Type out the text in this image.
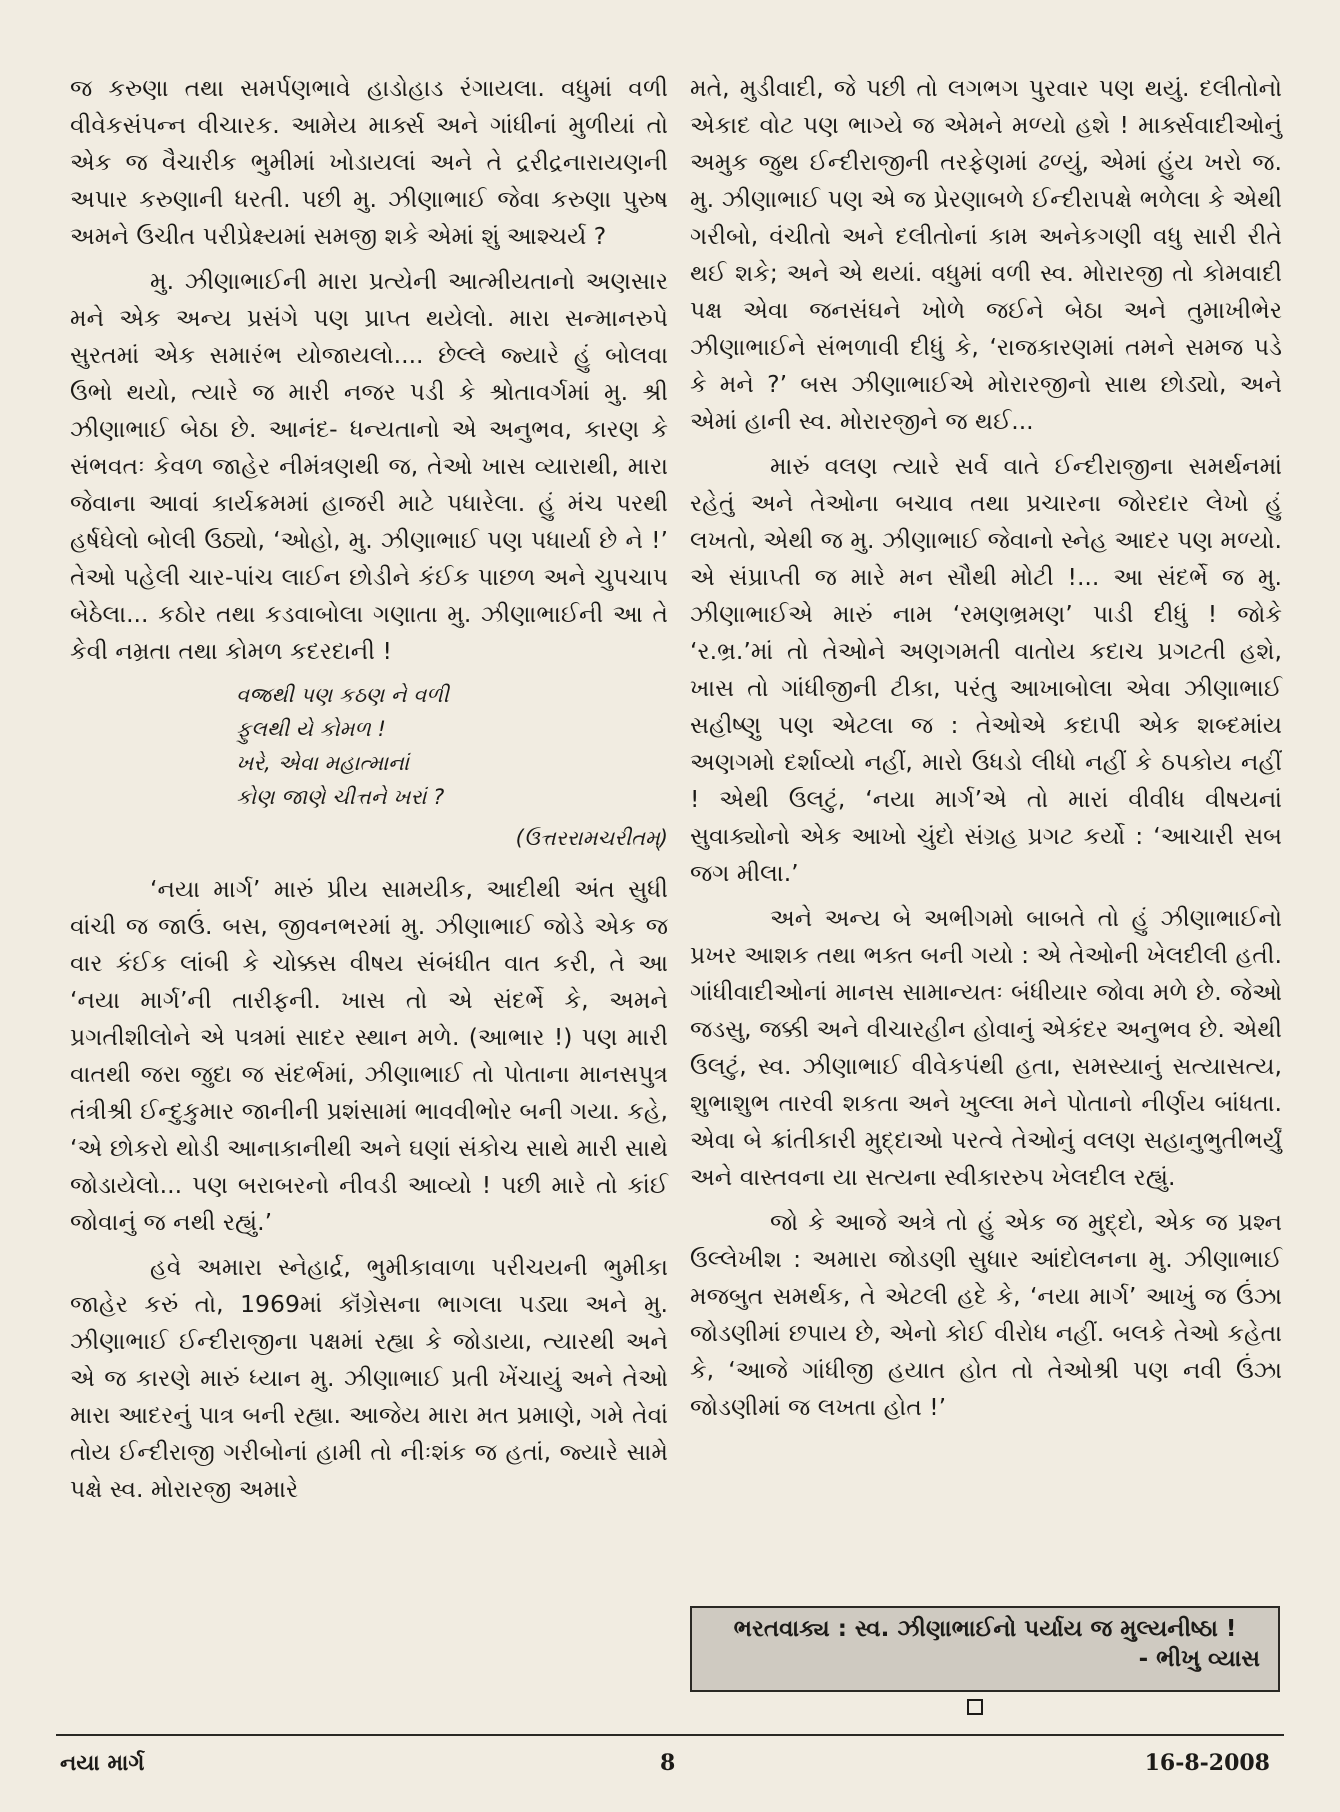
જ કરુણા તથા સમર્પણભાવે હાડોહાડ રંગાયલા. વધુમાં વળી વીવેકસંપન્ન વીચારક. આમેય માર્ક્સ અને ગાંધીનાં મુળીયાં તો એક જ વૈચારીક ભુમીમાં ખોડાયલાં અને તે દ્રરીદ્રનારાયણની અપાર કરુણાની ધરતી. પછી મુ. ઝીણાભાઈ જેવા કરુણા પુરુષ અમને ઉચીત પરીપ્રેક્ષ્યમાં સમજી શકે એમાં શું આશ્ચર્ય ?

મુ. ઝીણાભાઈની મારા પ્રત્યેની આત્મીયતાનો અણસાર મને એક અન્ય પ્રસંગે પણ પ્રાપ્ત થયેલો. મારા સન્માનરુપે સુરતમાં એક સમારંભ યોજાયલો.... છેલ્લે જ્યારે હું બોલવા ઉભો થયો, ત્યારે જ મારી નજર પડી કે શ્રોતાવર્ગમાં મુ. શ્રી ઝીણાભાઈ બેઠા છે. આનંદ- ધન્યતાનો એ અનુભવ, કારણ કે સંભવતઃ કેવળ જાહેર નીમંત્રણથી જ, તેઓ ખાસ વ્યારાથી, મારા જેવાના આવાં કાર્યક્રમમાં હાજરી માટે પધારેલા. હું મંચ પરથી હર્ષઘેલો બોલી ઉઠ્યો, ‘ઓહો, મુ. ઝીણાભાઈ પણ પધાર્યા છે ને !’ તેઓ પહેલી ચાર-પાંચ લાઈન છોડીને કંઈક પાછળ અને ચુપચાપ બેઠેલા... કઠોર તથા કડવાબોલા ગણાતા મુ. ઝીણાભાઈની આ તે કેવી નમ્રતા તથા કોમળ કદરદાની !

વજ્રથી પણ કઠણ ને વળી
ફુલથી યે કોમળ !
ખરે, એવા મહાત્માનાં
કોણ જાણે ચીત્તને ખરાં ?
(ઉત્તરરામચરીતમ્)

‘નયા માર્ગ’ મારું પ્રીય સામયીક, આદીથી અંત સુધી વાંચી જ જાઉં. બસ, જીવનભરમાં મુ. ઝીણાભાઈ જોડે એક જ વાર કંઈક લાંબી કે ચોક્કસ વીષય સંબંધીત વાત કરી, તે આ ‘નયા માર્ગ’ની તારીફની. ખાસ તો એ સંદર્ભે કે, અમને પ્રગતીશીલોને એ પત્રમાં સાદર સ્થાન મળે. (આભાર !) પણ મારી વાતથી જરા જુદા જ સંદર્ભમાં, ઝીણાભાઈ તો પોતાના માનસપુત્ર તંત્રીશ્રી ઈન્દુકુમાર જાનીની પ્રશંસામાં ભાવવીભોર બની ગયા. કહે, ‘એ છોકરો થોડી આનાકાનીથી અને ઘણાં સંકોચ સાથે મારી સાથે જોડાયેલો... પણ બરાબરનો નીવડી આવ્યો ! પછી મારે તો કાંઈ જોવાનું જ નથી રહ્યું.’

હવે અમારા સ્નેહાર્દ્ર, ભુમીકાવાળા પરીચયની ભુમીકા જાહેર કરું તો, 1969માં કૉંગ્રેસના ભાગલા પડ્યા અને મુ. ઝીણાભાઈ ઈન્દીરાજીના પક્ષમાં રહ્યા કે જોડાયા, ત્યારથી અને એ જ કારણે મારું ધ્યાન મુ. ઝીણાભાઈ પ્રતી ખેંચાયું અને તેઓ મારા આદરનું પાત્ર બની રહ્યા. આજેય મારા મત પ્રમાણે, ગમે તેવાં તોય ઈન્દીરાજી ગરીબોનાં હામી તો નીઃશંક જ હતાં, જ્યારે સામે પક્ષે સ્વ. મોરારજી અમારે

મતે, મુડીવાદી, જે પછી તો લગભગ પુરવાર પણ થયું. દલીતોનો એકાદ વોટ પણ ભાગ્યે જ એમને મળ્યો હશે ! માર્ક્સવાદીઓનું અમુક જુથ ઈન્દીરાજીની તરફેણમાં ઢળ્યું, એમાં હુંય ખરો જ. મુ. ઝીણાભાઈ પણ એ જ પ્રેરણાબળે ઈન્દીરાપક્ષે ભળેલા કે એથી ગરીબો, વંચીતો અને દલીતોનાં કામ અનેકગણી વધુ સારી રીતે થઈ શકે; અને એ થયાં. વધુમાં વળી સ્વ. મોરારજી તો કોમવાદી પક્ષ એવા જનસંઘને ખોળે જઈને બેઠા અને તુમાખીભેર ઝીણાભાઈને સંભળાવી દીધું કે, ‘રાજકારણમાં તમને સમજ પડે કે મને ?’ બસ ઝીણાભાઈએ મોરારજીનો સાથ છોડ્યો, અને એમાં હાની સ્વ. મોરારજીને જ થઈ...

મારું વલણ ત્યારે સર્વ વાતે ઈન્દીરાજીના સમર્થનમાં રહેતું અને તેઓના બચાવ તથા પ્રચારના જોરદાર લેખો હું લખતો, એથી જ મુ. ઝીણાભાઈ જેવાનો સ્નેહ આદર પણ મળ્યો. એ સંપ્રાપ્તી જ મારે મન સૌથી મોટી !... આ સંદર્ભે જ મુ. ઝીણાભાઈએ મારું નામ ‘રમણભ્રમણ’ પાડી દીધું ! જોકે ‘ર.ભ્ર.’માં તો તેઓને અણગમતી વાતોય કદાચ પ્રગટતી હશે, ખાસ તો ગાંધીજીની ટીકા, પરંતુ આખાબોલા એવા ઝીણાભાઈ સહીષ્ણુ પણ એટલા જ : તેઓએ કદાપી એક શબ્દમાંય અણગમો દર્શાવ્યો નહીં, મારો ઉધડો લીધો નહીં કે ઠપકોય નહીં ! એથી ઉલટું, ‘નયા માર્ગ’એ તો મારાં વીવીધ વીષયનાં સુવાક્યોનો એક આખો ચુંદો સંગ્રહ પ્રગટ કર્યો : ‘આચારી સબ જગ મીલા.’

અને અન્ય બે અભીગમો બાબતે તો હું ઝીણાભાઈનો પ્રખર આશક તથા ભક્ત બની ગયો : એ તેઓની ખેલદીલી હતી. ગાંધીવાદીઓનાં માનસ સામાન્યતઃ બંધીયાર જોવા મળે છે. જેઓ જડસુ, જક્કી અને વીચારહીન હોવાનું એકંદર અનુભવ છે. એથી ઉલટું, સ્વ. ઝીણાભાઈ વીવેકપંથી હતા, સમસ્યાનું સત્યાસત્ય, શુભાશુભ તારવી શકતા અને ખુલ્લા મને પોતાનો નીર્ણય બાંધતા. એવા બે ક્રાંતીકારી મુદ્દાઓ પરત્વે તેઓનું વલણ સહાનુભુતીભર્યું અને વાસ્તવના યા સત્યના સ્વીકારરુપ ખેલદીલ રહ્યું.

જો કે આજે અત્રે તો હું એક જ મુદ્દો, એક જ પ્રશ્ન ઉલ્લેખીશ : અમારા જોડણી સુધાર આંદોલનના મુ. ઝીણાભાઈ મજબુત સમર્થક, તે એટલી હદે કે, ‘નયા માર્ગ’ આખું જ ઉંઝા જોડણીમાં છપાય છે, એનો કોઈ વીરોધ નહીં. બલકે તેઓ કહેતા કે, ‘આજે ગાંધીજી હયાત હોત તો તેઓશ્રી પણ નવી ઉંઝા જોડણીમાં જ લખતા હોત !’

ભરતવાક્ય : સ્વ. ઝીણાભાઈનો પર્યાય જ મુલ્યનીષ્ઠા !
- ભીખુ વ્યાસ
નયા માર્ગ	8	16-8-2008
